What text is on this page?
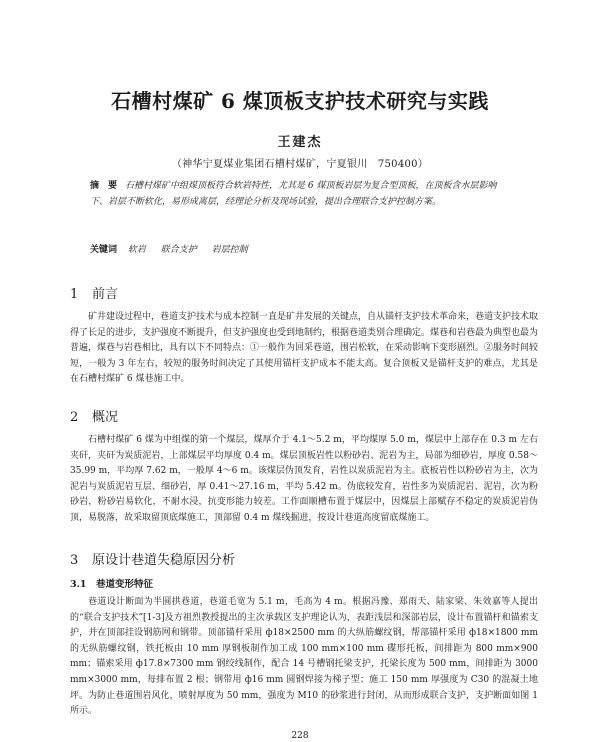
石槽村煤矿 6 煤顶板支护技术研究与实践
王建杰
（神华宁夏煤业集团石槽村煤矿，宁夏银川　750400）
摘　要 石槽村煤矿中组煤顶板符合软岩特性，尤其是 6 煤顶板岩层为复合型顶板，在顶板含水层影响下、岩层不断软化，易形成离层，经理论分析及现场试验，提出合理联合支护控制方案。
关键词 软岩 联合支护 岩层控制
1 前言
矿井建设过程中，巷道支护技术与成本控制一直是矿井发展的关键点，自从锚杆支护技术革命来，巷道支护技术取得了长足的进步，支护强度不断提升，但支护强度也受到地制约，根据巷道类别合理确定。煤巷和岩巷最为典型也最为普遍，煤巷与岩巷相比，具有以下不同特点：①一般作为回采巷道，围岩松软，在采动影响下变形剧烈。②服务时间较短，一般为 3 年左右，较短的服务时间决定了其使用锚杆支护成本不能太高。复合顶板又是锚杆支护的难点，尤其是在石槽村煤矿 6 煤巷施工中。
2 概况
石槽村煤矿 6 煤为中组煤的第一个煤层，煤厚介于 4.1～5.2 m，平均煤厚 5.0 m，煤层中上部存在 0.3 m 左右夹矸，夹矸为炭质泥岩，上部煤层平均厚度 0.4 m。煤层顶板岩性以粉砂岩、泥岩为主，局部为细砂岩，厚度 0.58～35.99 m，平均厚 7.62 m，一般厚 4～6 m。该煤层伪顶发育，岩性以炭质泥岩为主。底板岩性以粉砂岩为主，次为泥岩与炭质泥岩互层、细砂岩，厚 0.41～27.16 m，平均 5.42 m。伪底较发育，岩性多为炭质泥岩、泥岩，次为粉砂岩，粉砂岩易软化，不耐水浸，抗变形能力较差。工作面顺槽布置于煤层中，因煤层上部赋存不稳定的炭质泥岩伪顶，易脱落，故采取留顶底煤施工，顶部留 0.4 m 煤线掘进，按设计巷道高度留底煤施工。
3 原设计巷道失稳原因分析
3.1 巷道变形特征
巷道设计断面为半圆拱巷道，巷道毛宽为 5.1 m，毛高为 4 m。根据冯豫、郑雨天、陆家梁、朱效嘉等人提出的“联合支护技术”[1-3]及方祖烈教授提出的主次承载区支护理论认为，表距浅层和深部岩层，设计布置锚杆和锚索支护，并在顶部挂设钢筋网和钢带。顶部锚杆采用 ф18×2500 mm 的大纵筋螺纹钢，帮部锚杆采用 ф18×1800 mm 的无纵筋螺纹钢，铁托板由 10 mm 厚钢板制作加工成 100 mm×100 mm 碟形托板，间排距为 800 mm×900 mm；锚索采用 ф17.8×7300 mm 钢绞线制作，配合 14 号槽钢托梁支护，托梁长度为 500 mm，间排距为 3000 mm×3000 mm，每排布置 2 根；钢带用 ф16 mm 圆钢焊接为梯子型；施工 150 mm 厚强度为 C30 的混凝土地坪。为防止巷道围岩风化，喷射厚度为 50 mm，强度为 M10 的砂浆进行封闭，从而形成联合支护，支护断面如图 1 所示。
228
